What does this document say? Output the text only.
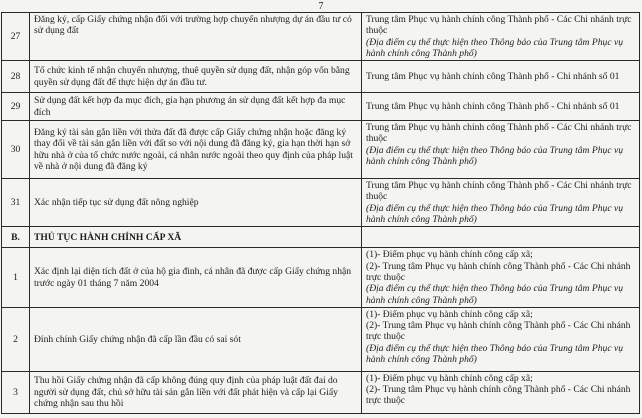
7
27	Đăng ký, cấp Giấy chứng nhận đối với trường hợp chuyển nhượng dự án đầu tư có sử dụng đất	Trung tâm Phục vụ hành chính công Thành phố - Các Chi nhánh trực thuộc
(Địa điểm cụ thể thực hiện theo Thông báo của Trung tâm Phục vụ hành chính công Thành phố)

28	Tổ chức kinh tế nhận chuyển nhượng, thuê quyền sử dụng đất, nhận góp vốn bằng quyền sử dụng đất để thực hiện dự án đầu tư.	Trung tâm Phục vụ hành chính công Thành phố - Chi nhánh số 01

29	Sử dụng đất kết hợp đa mục đích, gia hạn phương án sử dụng đất kết hợp đa mục đích	Trung tâm Phục vụ hành chính công Thành phố - Chi nhánh số 01

30	Đăng ký tài sản gắn liền với thửa đất đã được cấp Giấy chứng nhận hoặc đăng ký thay đổi về tài sản gắn liền với đất so với nội dung đã đăng ký, gia hạn thời hạn sở hữu nhà ở của tổ chức nước ngoài, cá nhân nước ngoài theo quy định của pháp luật về nhà ở nội dung đã đăng ký	Trung tâm Phục vụ hành chính công Thành phố - Các Chi nhánh trực thuộc
(Địa điểm cụ thể thực hiện theo Thông báo của Trung tâm Phục vụ hành chính công Thành phố)

31	Xác nhận tiếp tục sử dụng đất nông nghiệp	Trung tâm Phục vụ hành chính công Thành phố - Các Chi nhánh trực thuộc
(Địa điểm cụ thể thực hiện theo Thông báo của Trung tâm Phục vụ hành chính công Thành phố)

B.	THỦ TỤC HÀNH CHÍNH CẤP XÃ	
1	Xác định lại diện tích đất ở của hộ gia đình, cá nhân đã được cấp Giấy chứng nhận trước ngày 01 tháng 7 năm 2004	(1)- Điểm phục vụ hành chính công cấp xã;
(2)- Trung tâm Phục vụ hành chính công Thành phố - Các Chi nhánh trực thuộc
(Địa điểm cụ thể thực hiện theo Thông báo của Trung tâm Phục vụ hành chính công Thành phố)

2	Đính chính Giấy chứng nhận đã cấp lần đầu có sai sót	(1)- Điểm phục vụ hành chính công cấp xã;
(2)- Trung tâm Phục vụ hành chính công Thành phố - Các Chi nhánh trực thuộc
(Địa điểm cụ thể thực hiện theo Thông báo của Trung tâm Phục vụ hành chính công Thành phố)

3	Thu hồi Giấy chứng nhận đã cấp không đúng quy định của pháp luật đất đai do người sử dụng đất, chủ sở hữu tài sản gắn liền với đất phát hiện và cấp lại Giấy chứng nhận sau thu hồi	(1)- Điểm phục vụ hành chính công cấp xã;
(2)- Trung tâm Phục vụ hành chính công Thành phố - Các Chi nhánh trực thuộc
